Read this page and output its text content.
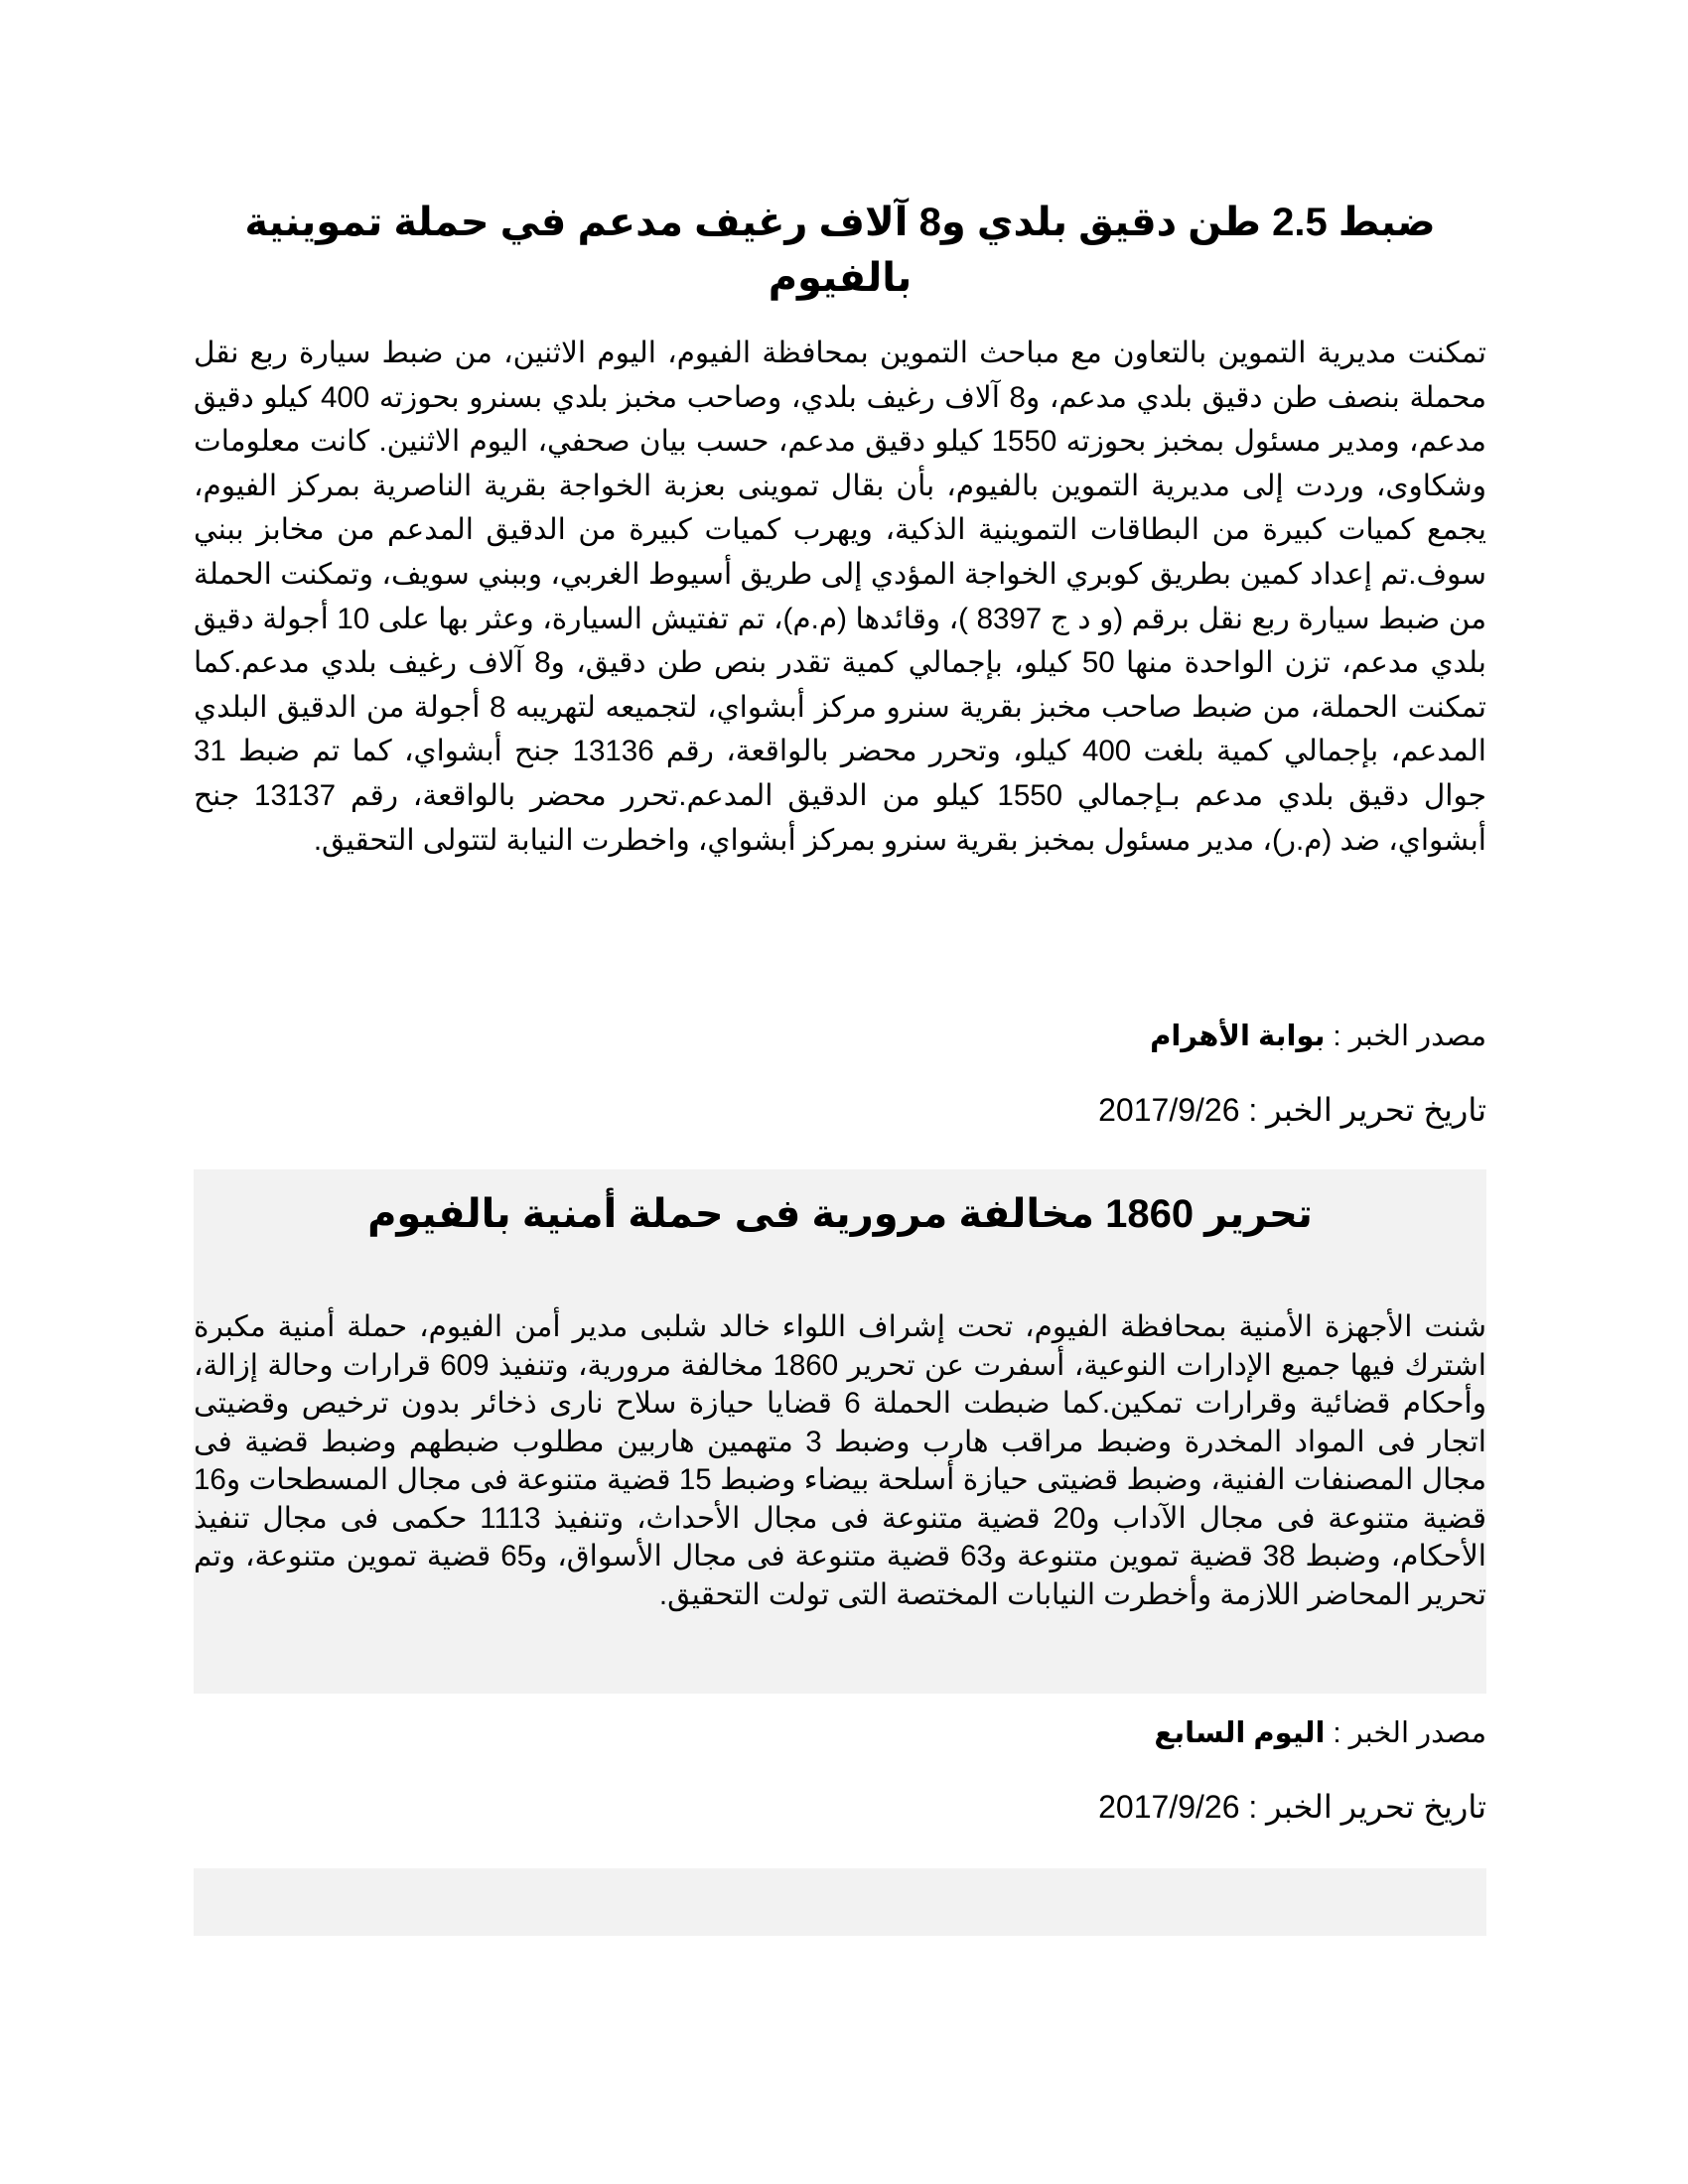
ضبط 2.5 طن دقيق بلدي و8 آلاف رغيف مدعم في حملة تموينية بالفيوم

تمكنت مديرية التموين بالتعاون مع مباحث التموين بمحافظة الفيوم، اليوم الاثنين، من ضبط سيارة ربع نقل محملة بنصف طن دقيق بلدي مدعم، و8 آلاف رغيف بلدي، وصاحب مخبز بلدي بسنرو بحوزته 400 كيلو دقيق مدعم، ومدير مسئول بمخبز بحوزته 1550 كيلو دقيق مدعم، حسب بيان صحفي، اليوم الاثنين. كانت معلومات وشكاوى، وردت إلى مديرية التموين بالفيوم، بأن بقال تموينى بعزبة الخواجة بقرية الناصرية بمركز الفيوم، يجمع كميات كبيرة من البطاقات التموينية الذكية، ويهرب كميات كبيرة من الدقيق المدعم من مخابز ببني سوف.تم إعداد كمين بطريق كوبري الخواجة المؤدي إلى طريق أسيوط الغربي، وببني سويف، وتمكنت الحملة من ضبط سيارة ربع نقل برقم (و د ج 8397 )، وقائدها (م.م)، تم تفتيش السيارة، وعثر بها على 10 أجولة دقيق بلدي مدعم، تزن الواحدة منها 50 كيلو، بإجمالي كمية تقدر بنص طن دقيق، و8 آلاف رغيف بلدي مدعم.كما تمكنت الحملة، من ضبط صاحب مخبز بقرية سنرو مركز أبشواي، لتجميعه لتهريبه 8 أجولة من الدقيق البلدي المدعم، بإجمالي كمية بلغت 400 كيلو، وتحرر محضر بالواقعة، رقم 13136 جنح أبشواي، كما تم ضبط 31 جوال دقيق بلدي مدعم بـإجمالي 1550 كيلو من الدقيق المدعم.تحرر محضر بالواقعة، رقم 13137 جنح أبشواي، ضد (م.ر)، مدير مسئول بمخبز بقرية سنرو بمركز أبشواي، واخطرت النيابة لتتولى التحقيق.

مصدر الخبر : بوابة الأهرام

تاريخ تحرير الخبر : 2017/9/26

تحرير 1860 مخالفة مرورية فى حملة أمنية بالفيوم

شنت الأجهزة الأمنية بمحافظة الفيوم، تحت إشراف اللواء خالد شلبى مدير أمن الفيوم، حملة أمنية مكبرة اشترك فيها جميع الإدارات النوعية، أسفرت عن تحرير 1860 مخالفة مرورية، وتنفيذ 609 قرارات وحالة إزالة، وأحكام قضائية وقرارات تمكين.كما ضبطت الحملة 6 قضايا حيازة سلاح نارى ذخائر بدون ترخيص وقضيتى اتجار فى المواد المخدرة وضبط مراقب هارب وضبط 3 متهمين هاربين مطلوب ضبطهم وضبط قضية فى مجال المصنفات الفنية، وضبط قضيتى حيازة أسلحة بيضاء وضبط 15 قضية متنوعة فى مجال المسطحات و16 قضية متنوعة فى مجال الآداب و20 قضية متنوعة فى مجال الأحداث، وتنفيذ 1113 حكمى فى مجال تنفيذ الأحكام، وضبط 38 قضية تموين متنوعة و63 قضية متنوعة فى مجال الأسواق، و65 قضية تموين متنوعة، وتم تحرير المحاضر اللازمة وأخطرت النيابات المختصة التى تولت التحقيق.

مصدر الخبر : اليوم السابع

تاريخ تحرير الخبر : 2017/9/26
